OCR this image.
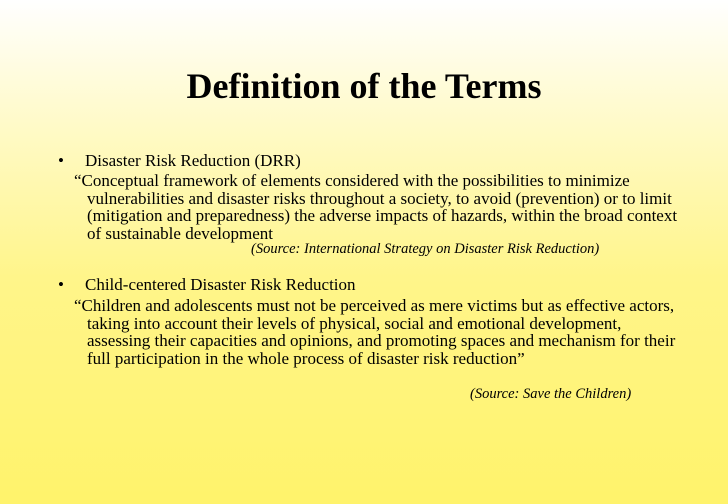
Definition of the Terms
• Disaster Risk Reduction (DRR)
“Conceptual framework of elements considered with the possibilities to minimize vulnerabilities and disaster risks throughout a society, to avoid (prevention) or to limit (mitigation and preparedness) the adverse impacts of hazards, within the broad context of sustainable development
(Source: International Strategy on Disaster Risk Reduction)
• Child-centered Disaster Risk Reduction
“Children and adolescents must not be perceived as mere victims but as effective actors, taking into account their levels of physical, social and emotional development, assessing their capacities and opinions, and promoting spaces and mechanism for their full participation in the whole process of disaster risk reduction”
(Source: Save the Children)
